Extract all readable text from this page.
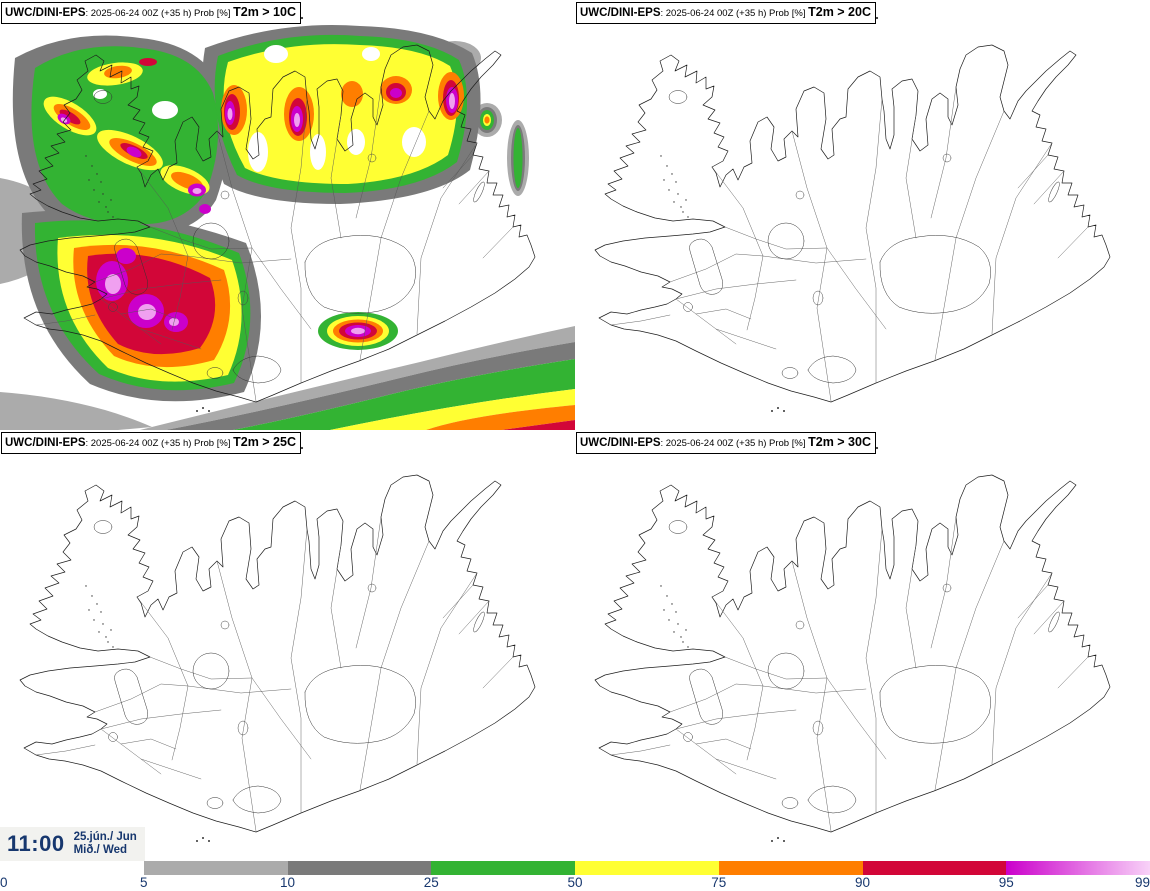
UWC/DINI-EPS: 2025-06-24 00Z (+35 h) Prob [%] T2m > 10C	UWC/DINI-EPS: 2025-06-24 00Z (+35 h) Prob [%] T2m > 20C
UWC/DINI-EPS: 2025-06-24 00Z (+35 h) Prob [%] T2m > 25C	UWC/DINI-EPS: 2025-06-24 00Z (+35 h) Prob [%] T2m > 30C
11:00 25.jún./ Jun
Mið./ Wed
0	5	10	25	50	75	90	95	99
